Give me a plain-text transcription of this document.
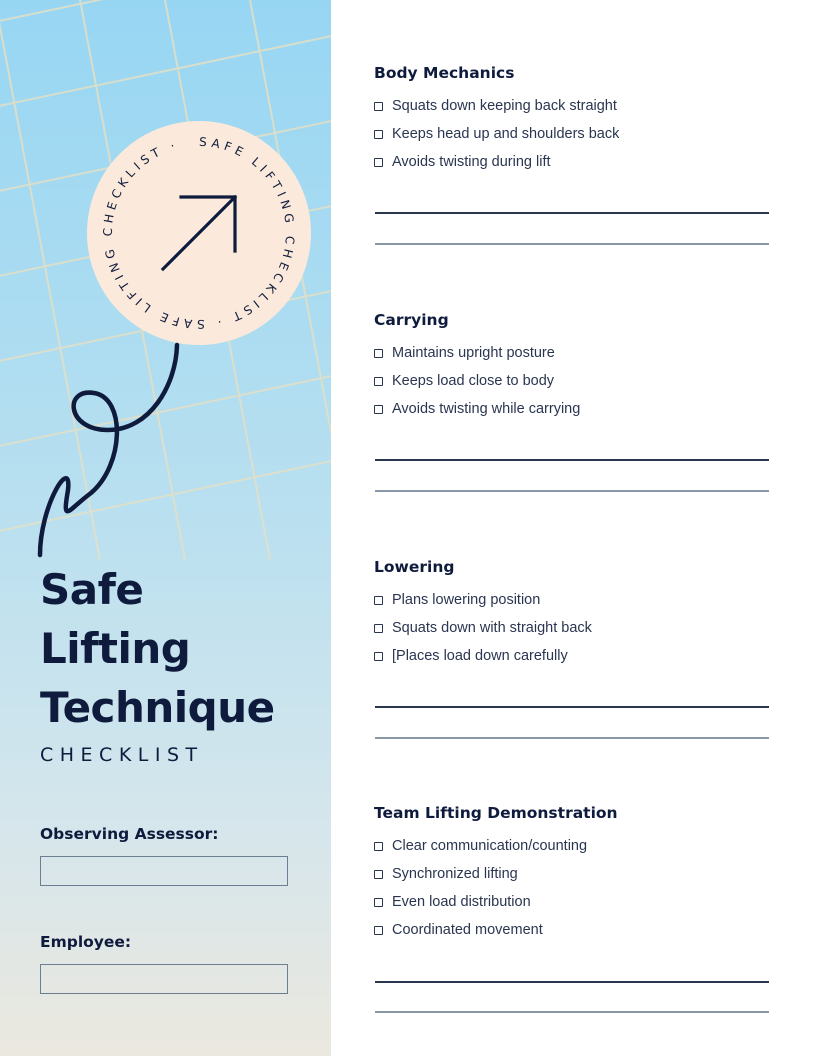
SAFE LIFTING CHECKLIST · SAFE LIFTING CHECKLIST ·
Safe
Lifting
Technique
CHECKLIST
Observing Assessor:
Employee:
Body Mechanics
Squats down keeping back straight
Keeps head up and shoulders back
Avoids twisting during lift
Carrying
Maintains upright posture
Keeps load close to body
Avoids twisting while carrying
Lowering
Plans lowering position
Squats down with straight back
[Places load down carefully
Team Lifting Demonstration
Clear communication/counting
Synchronized lifting
Even load distribution
Coordinated movement
